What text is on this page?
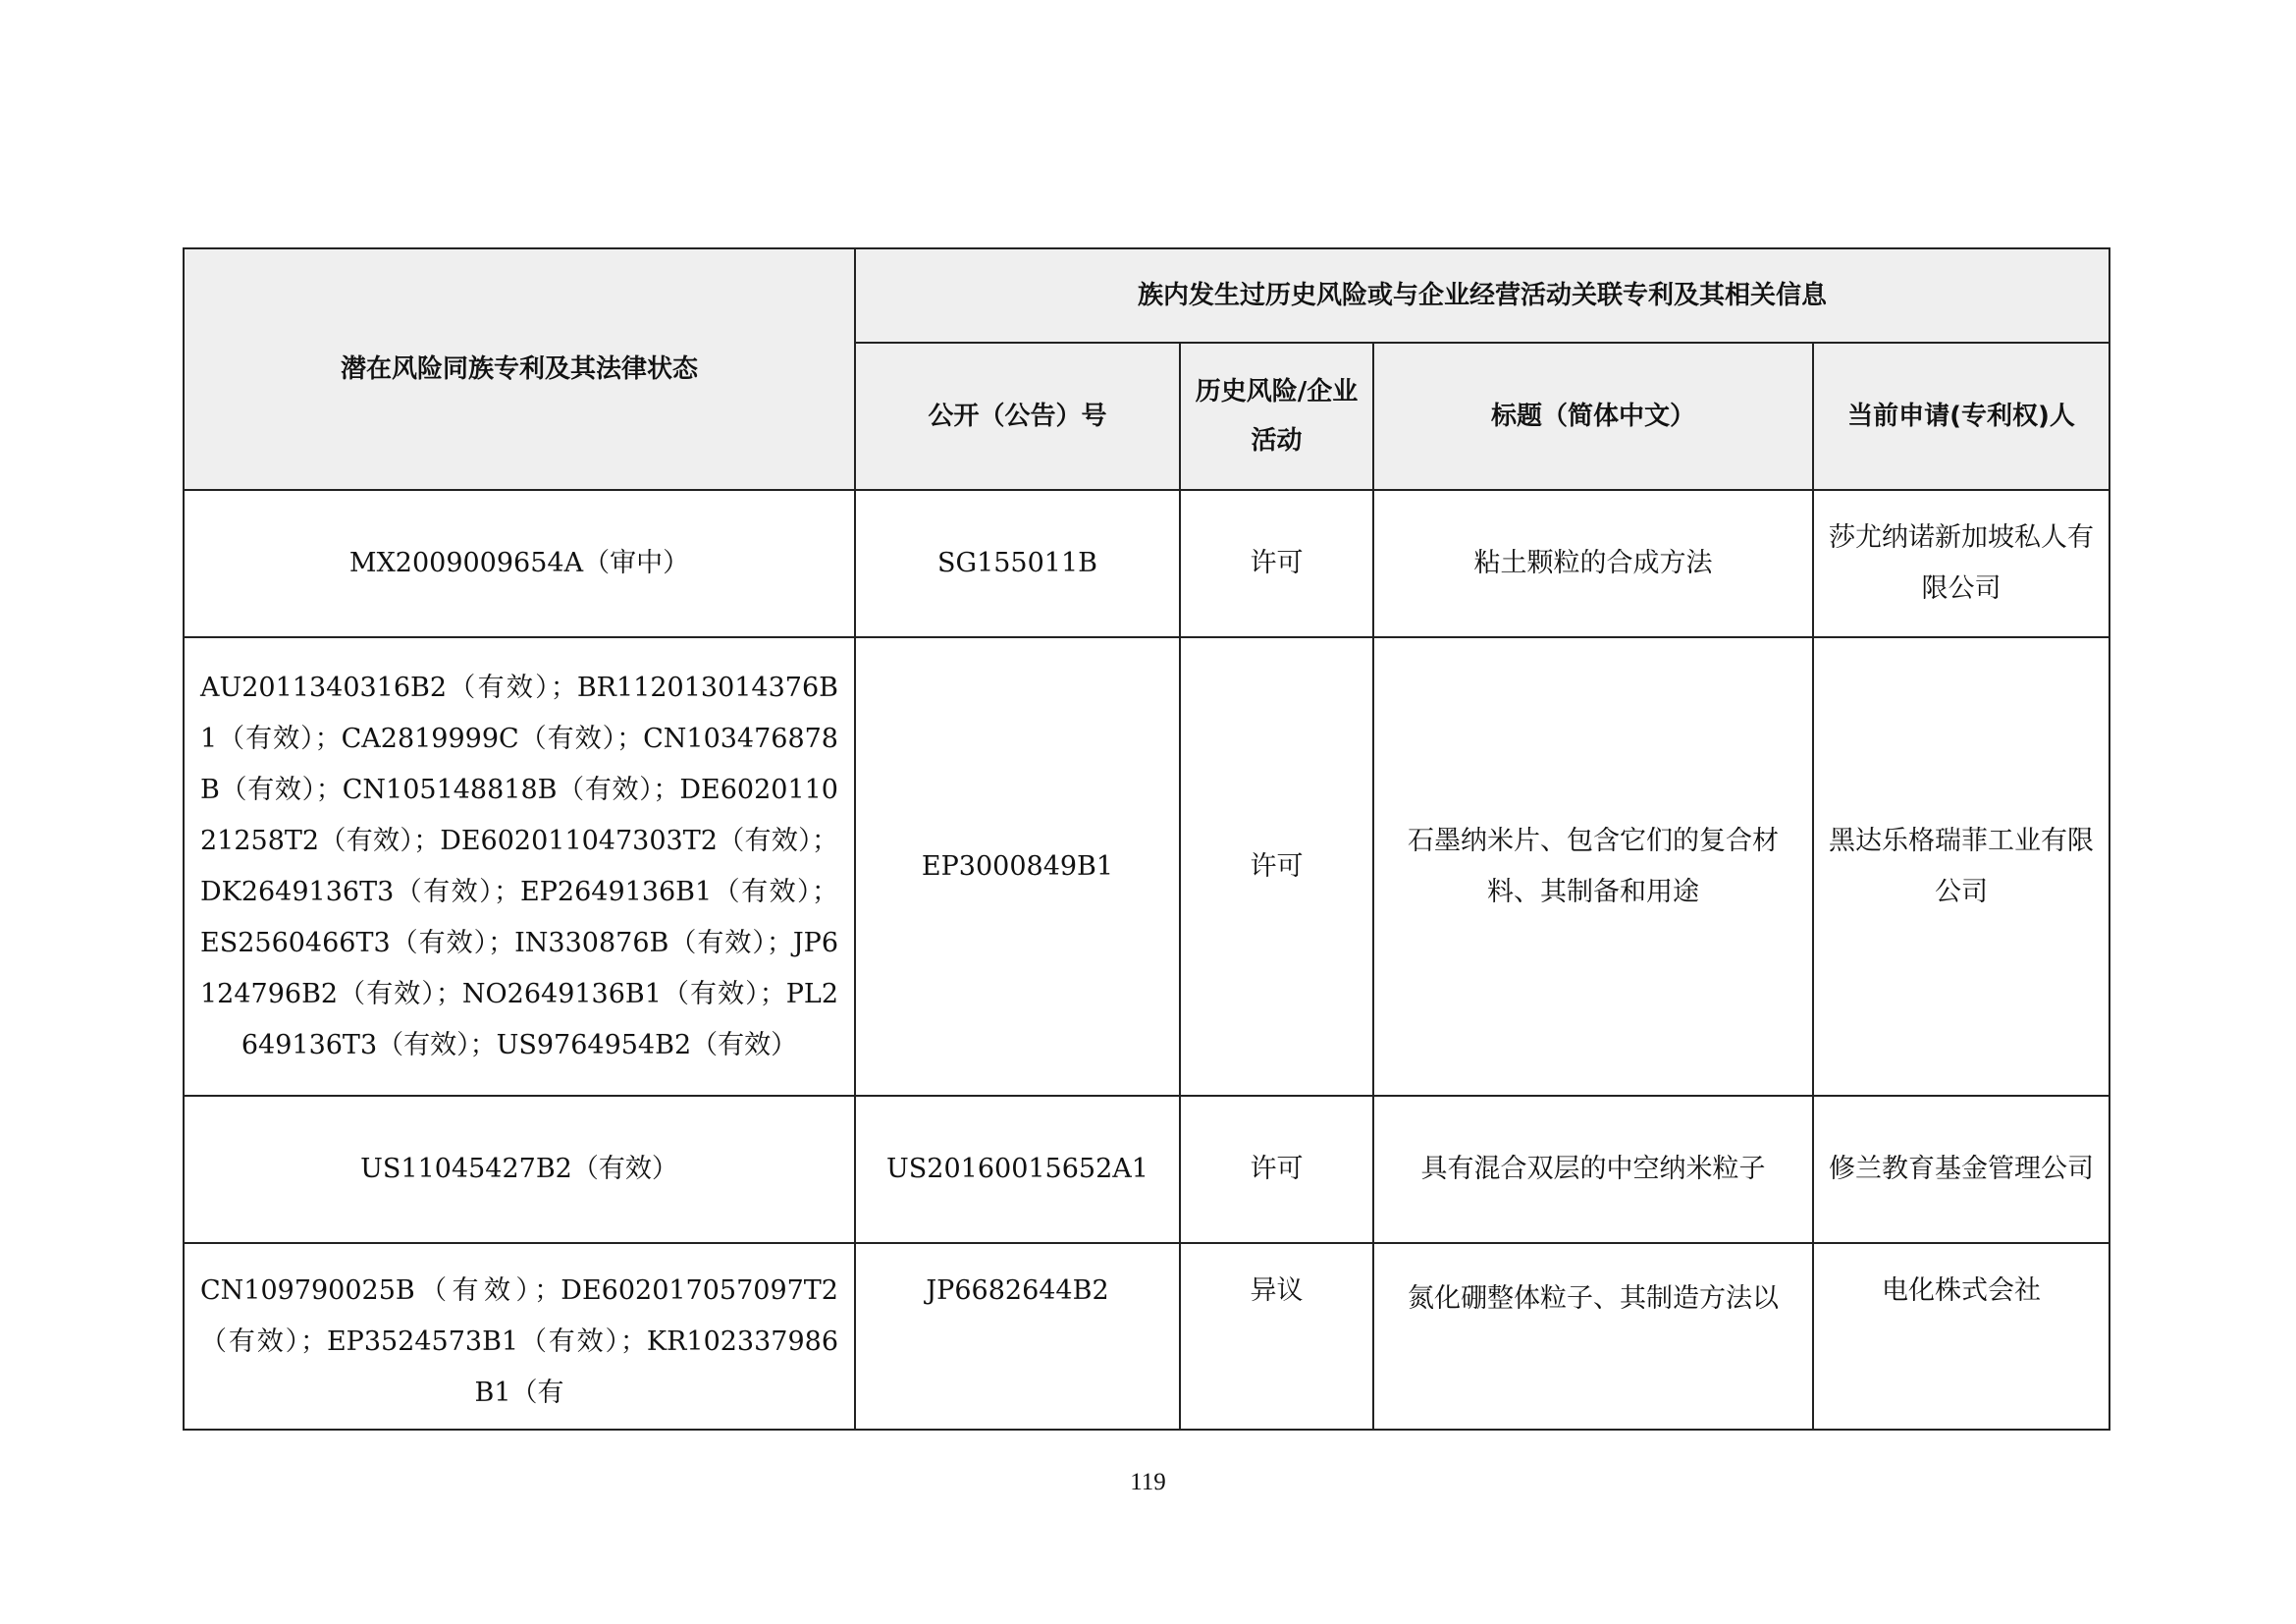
潜在风险同族专利及其法律状态	族内发生过历史风险或与企业经营活动关联专利及其相关信息			
	公开（公告）号	历史风险/企业活动	标题（简体中文）	当前申请(专利权)人
MX2009009654A（审中）	SG155011B	许可	粘土颗粒的合成方法	莎尤纳诺新加坡私人有限公司
AU2011340316B2（有效）；BR112013014376B1（有效）；CA2819999C（有效）；CN103476878B（有效）；CN105148818B（有效）；DE602011021258T2（有效）；DE602011047303T2（有效）；DK2649136T3（有效）；EP2649136B1（有效）；ES2560466T3（有效）；IN330876B（有效）；JP6124796B2（有效）；NO2649136B1（有效）；PL2649136T3（有效）；US9764954B2（有效）	EP3000849B1	许可	石墨纳米片、包含它们的复合材料、其制备和用途	黑达乐格瑞菲工业有限公司
US11045427B2（有效）	US20160015652A1	许可	具有混合双层的中空纳米粒子	修兰教育基金管理公司
CN109790025B（有效）；DE602017057097T2（有效）；EP3524573B1（有效）；KR102337986B1（有	JP6682644B2	异议	氮化硼整体粒子、其制造方法以	电化株式会社
119
